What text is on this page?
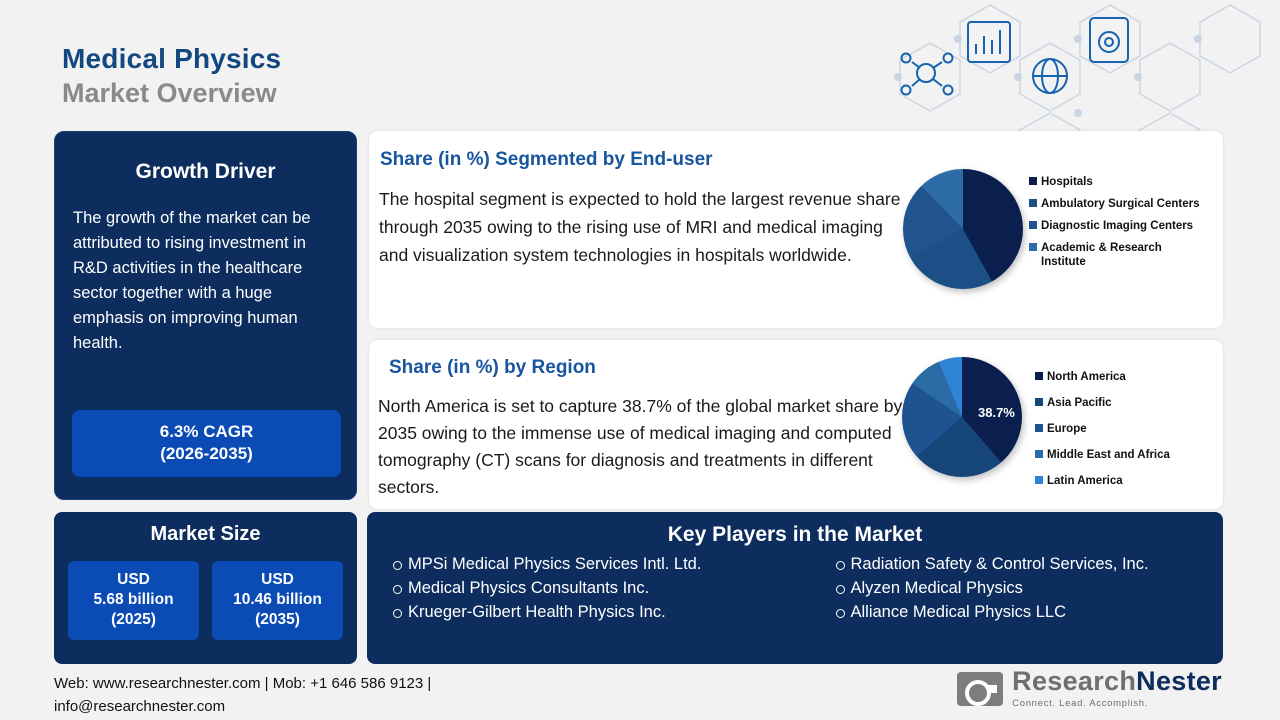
Medical Physics
Market Overview
Growth Driver
The growth of the market can be attributed to rising investment in R&D activities in the healthcare sector together with a huge emphasis on improving human health.
6.3% CAGR
(2026-2035)
Market Size
USD
5.68 billion
(2025)
USD
10.46 billion
(2035)
Share (in %) Segmented by End-user
The hospital segment is expected to hold the largest revenue share through 2035 owing to the rising use of MRI and medical imaging and visualization system technologies in hospitals worldwide.
Hospitals
Ambulatory Surgical Centers
Diagnostic Imaging Centers
Academic & Research Institute
Share (in %) by Region
North America is set to capture 38.7% of the global market share by 2035 owing to the immense use of medical imaging and computed tomography (CT) scans for diagnosis and treatments in different sectors.
38.7%
North America
Asia Pacific
Europe
Middle East and Africa
Latin America
Key Players in the Market
MPSi Medical Physics Services Intl. Ltd.
Medical Physics Consultants Inc.
Krueger-Gilbert Health Physics Inc.
Radiation Safety & Control Services, Inc.
Alyzen Medical Physics
Alliance Medical Physics LLC
Web: www.researchnester.com | Mob: +1 646 586 9123 |
info@researchnester.com
ResearchNester
Connect. Lead. Accomplish.
